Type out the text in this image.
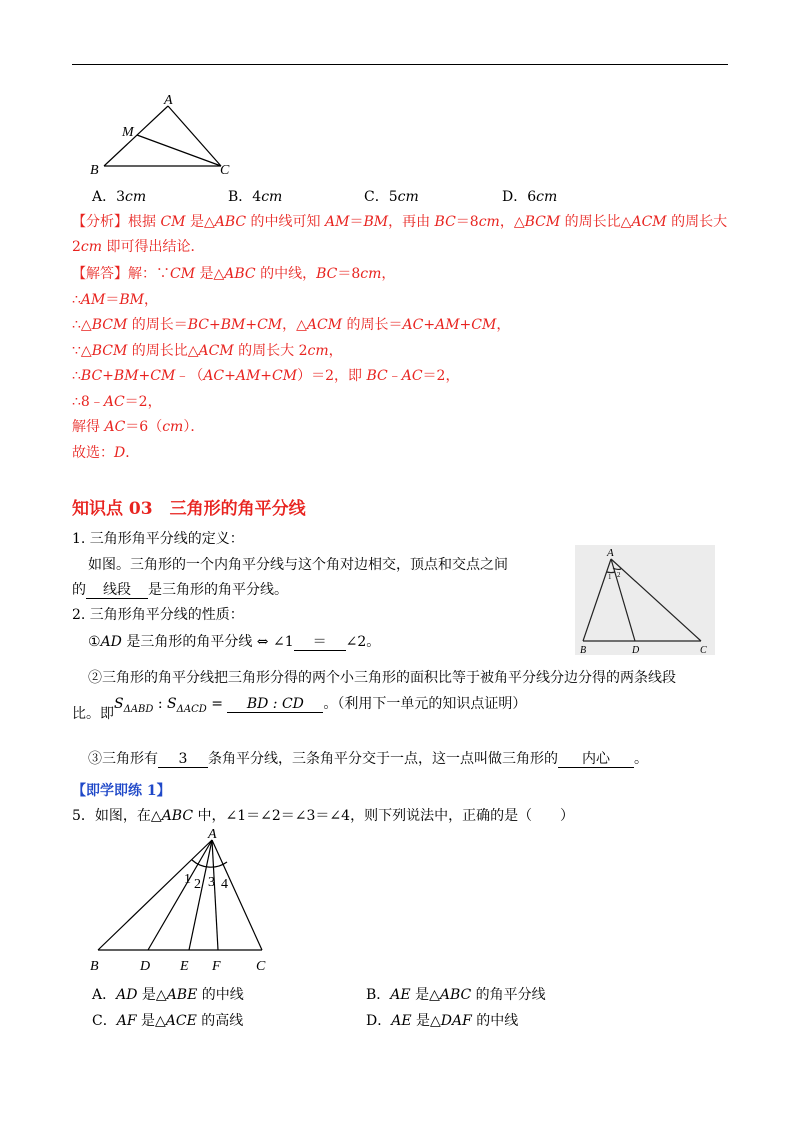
A
M
B	C
A．3cm	B．4cm	C．5cm	D．6cm
【分析】根据 CM 是△ABC 的中线可知 AM＝BM，再由 BC＝8cm，△BCM 的周长比△ACM 的周长大
2cm 即可得出结论．
【解答】解：∵CM 是△ABC 的中线，BC＝8cm，
∴AM＝BM，
∴△BCM 的周长＝BC+BM+CM，△ACM 的周长＝AC+AM+CM，
∵△BCM 的周长比△ACM 的周长大 2cm，
∴BC+BM+CM﹣（AC+AM+CM）＝2，即 BC﹣AC＝2，
∴8﹣AC＝2，
解得 AC＝6（cm）．
故选：D．
知识点 03　三角形的角平分线
1. 三角形角平分线的定义：
如图。三角形的一个内角平分线与这个角对边相交，顶点和交点之间
的 线段 是三角形的角平分线。
2. 三角形角平分线的性质：
①AD 是三角形的角平分线 ⇔ ∠1 ＝ ∠2。
②三角形的角平分线把三角形分得的两个小三角形的面积比等于被角平分线分边分得的两条线段
比。即$S_{\Delta ABD}$ : $S_{\Delta ACD}$ = BD : CD 。（利用下一单元的知识点证明）
③三角形有 3 条角平分线，三条角平分交于一点，这一点叫做三角形的 内心 。
A
1 2
B	D	C
【即学即练 1】
5．如图，在△ABC 中，∠1＝∠2＝∠3＝∠4，则下列说法中，正确的是（　　）
A
1 2 3 4
B	D E F	C
A．AD 是△ABE 的中线	B．AE 是△ABC 的角平分线
C．AF 是△ACE 的高线	D．AE 是△DAF 的中线
